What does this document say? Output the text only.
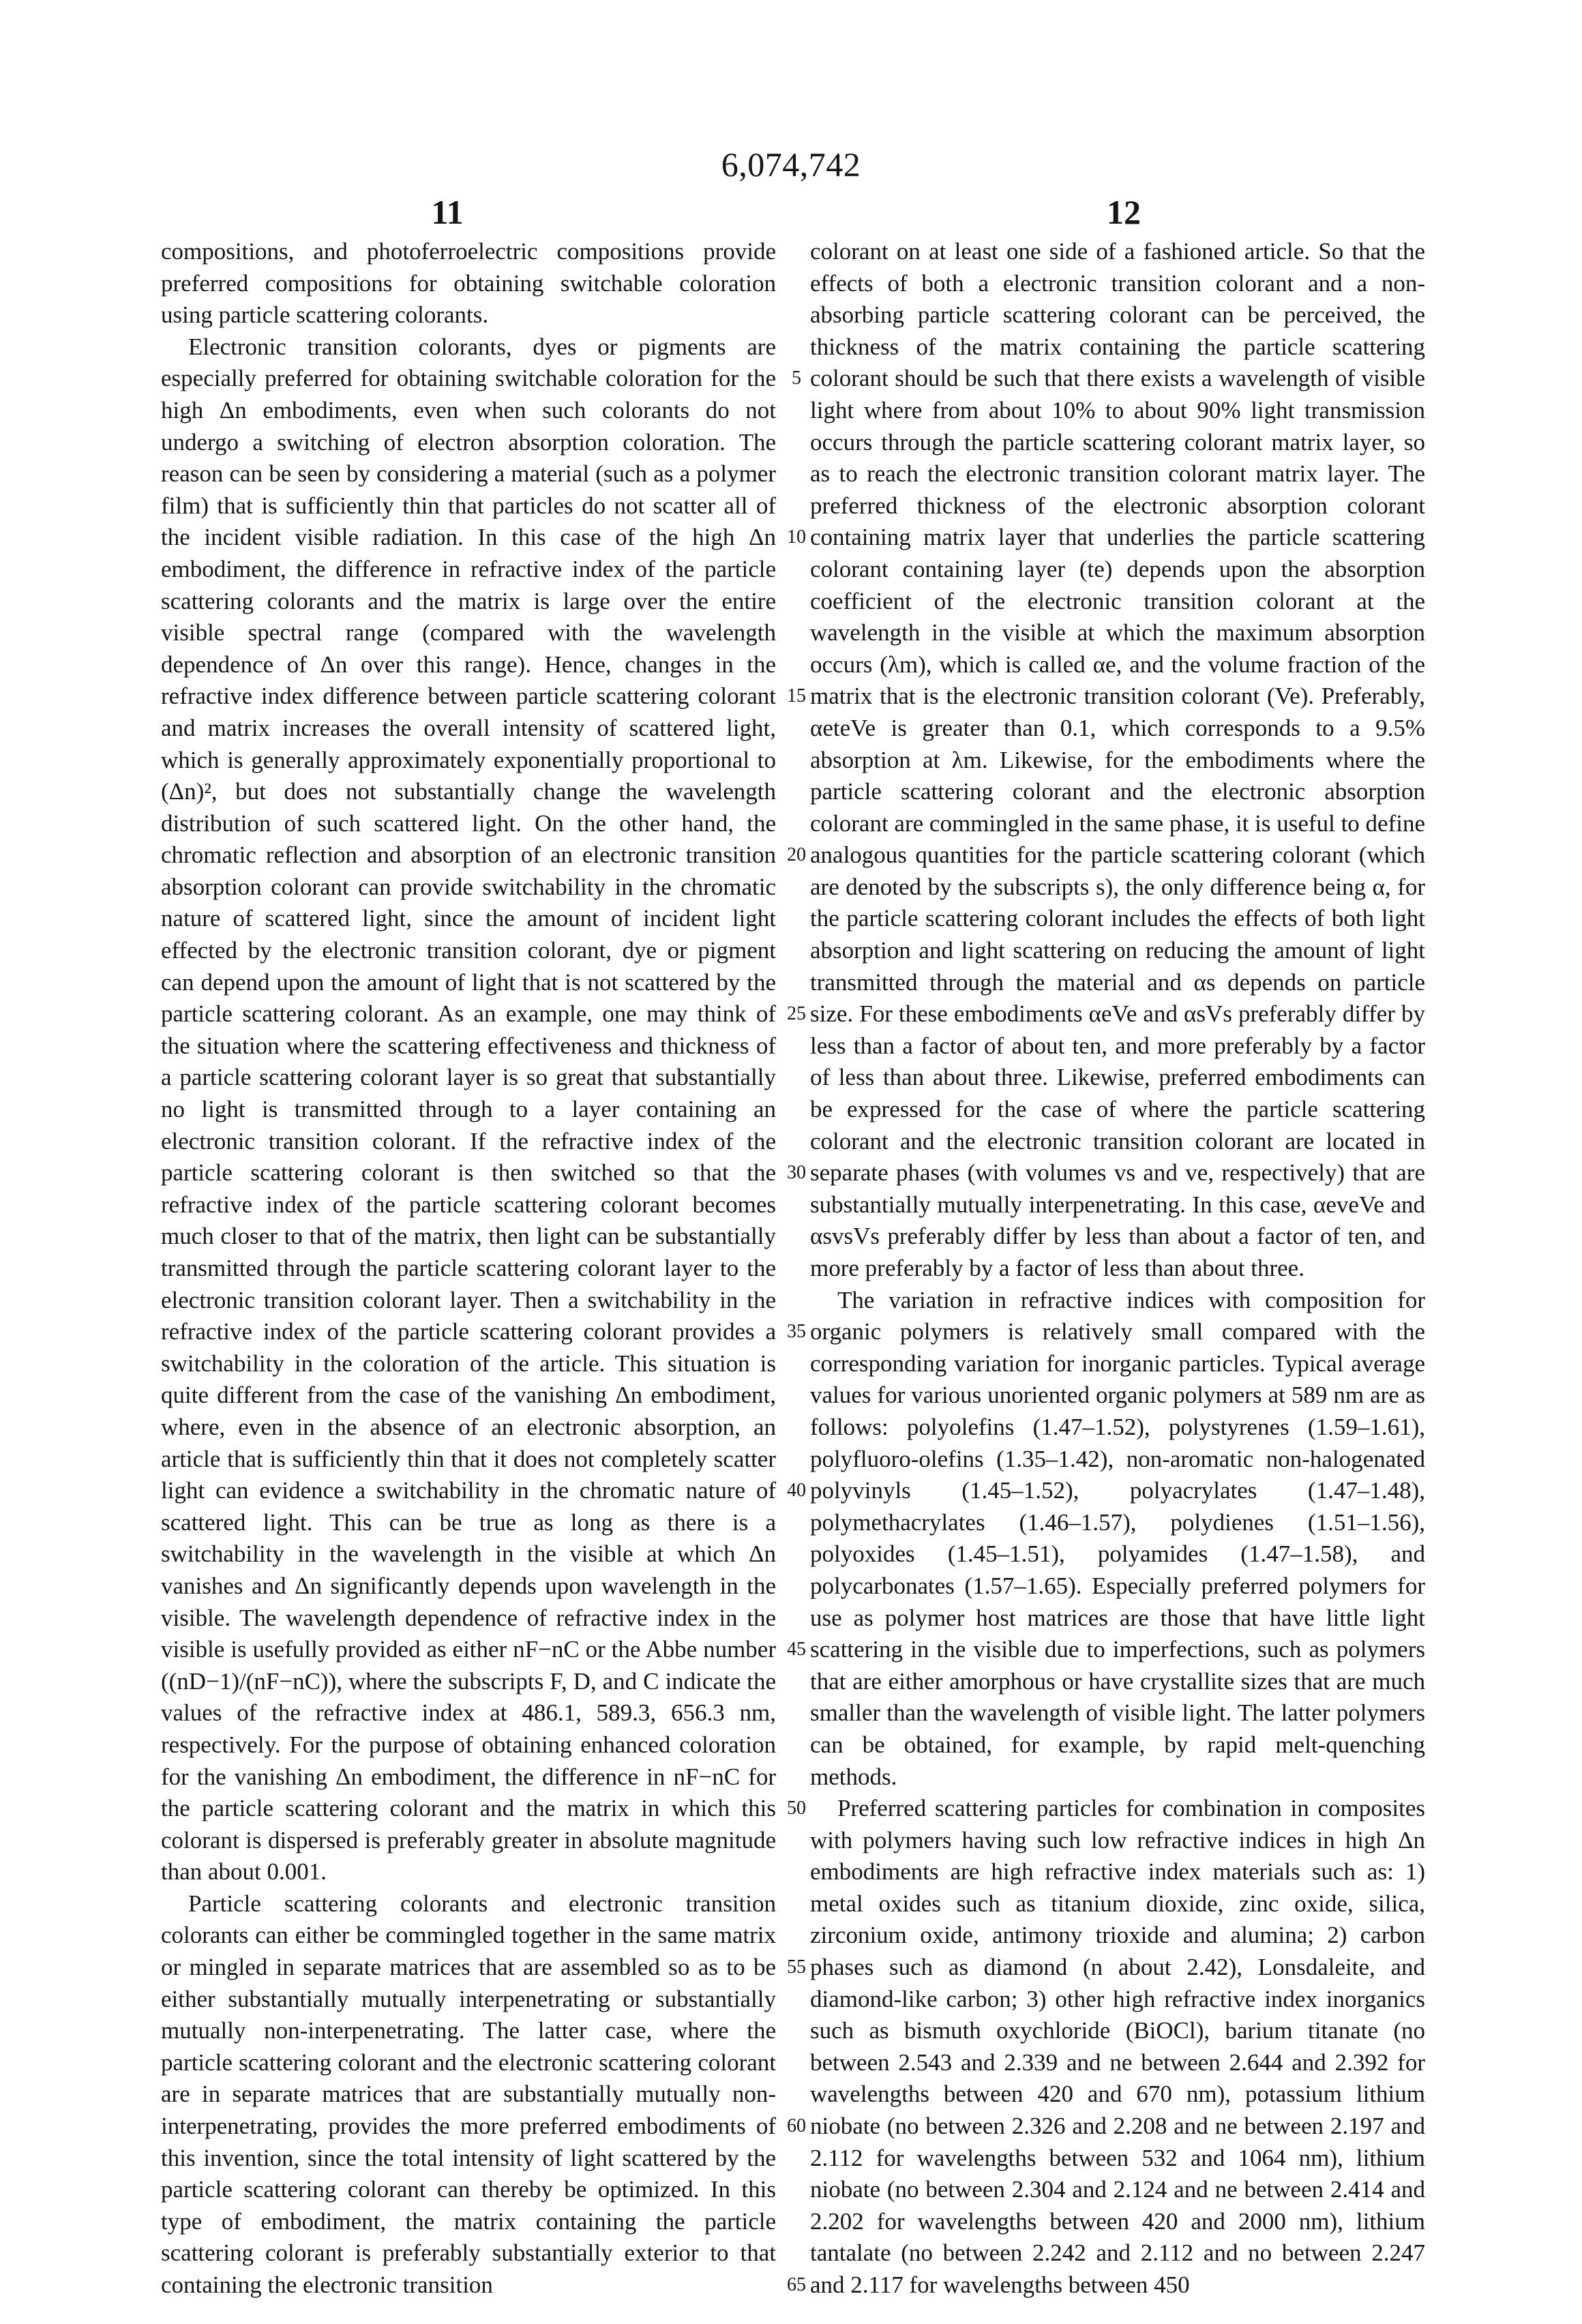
6,074,742
11	12

compositions, and photoferroelectric compositions provide preferred compositions for obtaining switchable coloration using particle scattering colorants.

Electronic transition colorants, dyes or pigments are especially preferred for obtaining switchable coloration for the high Δn embodiments, even when such colorants do not undergo a switching of electron absorption coloration. The reason can be seen by considering a material (such as a polymer film) that is sufficiently thin that particles do not scatter all of the incident visible radiation. In this case of the high Δn embodiment, the difference in refractive index of the particle scattering colorants and the matrix is large over the entire visible spectral range (compared with the wavelength dependence of Δn over this range). Hence, changes in the refractive index difference between particle scattering colorant and matrix increases the overall intensity of scattered light, which is generally approximately exponentially proportional to (Δn)², but does not substantially change the wavelength distribution of such scattered light. On the other hand, the chromatic reflection and absorption of an electronic transition absorption colorant can provide switchability in the chromatic nature of scattered light, since the amount of incident light effected by the electronic transition colorant, dye or pigment can depend upon the amount of light that is not scattered by the particle scattering colorant. As an example, one may think of the situation where the scattering effectiveness and thickness of a particle scattering colorant layer is so great that substantially no light is transmitted through to a layer containing an electronic transition colorant. If the refractive index of the particle scattering colorant is then switched so that the refractive index of the particle scattering colorant becomes much closer to that of the matrix, then light can be substantially transmitted through the particle scattering colorant layer to the electronic transition colorant layer. Then a switchability in the refractive index of the particle scattering colorant provides a switchability in the coloration of the article. This situation is quite different from the case of the vanishing Δn embodiment, where, even in the absence of an electronic absorption, an article that is sufficiently thin that it does not completely scatter light can evidence a switchability in the chromatic nature of scattered light. This can be true as long as there is a switchability in the wavelength in the visible at which Δn vanishes and Δn significantly depends upon wavelength in the visible. The wavelength dependence of refractive index in the visible is usefully provided as either nF−nC or the Abbe number ((nD−1)/(nF−nC)), where the subscripts F, D, and C indicate the values of the refractive index at 486.1, 589.3, 656.3 nm, respectively. For the purpose of obtaining enhanced coloration for the vanishing Δn embodiment, the difference in nF−nC for the particle scattering colorant and the matrix in which this colorant is dispersed is preferably greater in absolute magnitude than about 0.001.

Particle scattering colorants and electronic transition colorants can either be commingled together in the same matrix or mingled in separate matrices that are assembled so as to be either substantially mutually interpenetrating or substantially mutually non-interpenetrating. The latter case, where the particle scattering colorant and the electronic scattering colorant are in separate matrices that are substantially mutually non-interpenetrating, provides the more preferred embodiments of this invention, since the total intensity of light scattered by the particle scattering colorant can thereby be optimized. In this type of embodiment, the matrix containing the particle scattering colorant is preferably substantially exterior to that containing the electronic transition

5
10
15
20
25
30
35
40
45
50
55
60
65

colorant on at least one side of a fashioned article. So that the effects of both a electronic transition colorant and a non-absorbing particle scattering colorant can be perceived, the thickness of the matrix containing the particle scattering colorant should be such that there exists a wavelength of visible light where from about 10% to about 90% light transmission occurs through the particle scattering colorant matrix layer, so as to reach the electronic transition colorant matrix layer. The preferred thickness of the electronic absorption colorant containing matrix layer that underlies the particle scattering colorant containing layer (te) depends upon the absorption coefficient of the electronic transition colorant at the wavelength in the visible at which the maximum absorption occurs (λm), which is called αe, and the volume fraction of the matrix that is the electronic transition colorant (Ve). Preferably, αeteVe is greater than 0.1, which corresponds to a 9.5% absorption at λm. Likewise, for the embodiments where the particle scattering colorant and the electronic absorption colorant are commingled in the same phase, it is useful to define analogous quantities for the particle scattering colorant (which are denoted by the subscripts s), the only difference being α, for the particle scattering colorant includes the effects of both light absorption and light scattering on reducing the amount of light transmitted through the material and αs depends on particle size. For these embodiments αeVe and αsVs preferably differ by less than a factor of about ten, and more preferably by a factor of less than about three. Likewise, preferred embodiments can be expressed for the case of where the particle scattering colorant and the electronic transition colorant are located in separate phases (with volumes vs and ve, respectively) that are substantially mutually interpenetrating. In this case, αeveVe and αsvsVs preferably differ by less than about a factor of ten, and more preferably by a factor of less than about three.

The variation in refractive indices with composition for organic polymers is relatively small compared with the corresponding variation for inorganic particles. Typical average values for various unoriented organic polymers at 589 nm are as follows: polyolefins (1.47–1.52), polystyrenes (1.59–1.61), polyfluoro-olefins (1.35–1.42), non-aromatic non-halogenated polyvinyls (1.45–1.52), polyacrylates (1.47–1.48), polymethacrylates (1.46–1.57), polydienes (1.51–1.56), polyoxides (1.45–1.51), polyamides (1.47–1.58), and polycarbonates (1.57–1.65). Especially preferred polymers for use as polymer host matrices are those that have little light scattering in the visible due to imperfections, such as polymers that are either amorphous or have crystallite sizes that are much smaller than the wavelength of visible light. The latter polymers can be obtained, for example, by rapid melt-quenching methods.

Preferred scattering particles for combination in composites with polymers having such low refractive indices in high Δn embodiments are high refractive index materials such as: 1) metal oxides such as titanium dioxide, zinc oxide, silica, zirconium oxide, antimony trioxide and alumina; 2) carbon phases such as diamond (n about 2.42), Lonsdaleite, and diamond-like carbon; 3) other high refractive index inorganics such as bismuth oxychloride (BiOCl), barium titanate (no between 2.543 and 2.339 and ne between 2.644 and 2.392 for wavelengths between 420 and 670 nm), potassium lithium niobate (no between 2.326 and 2.208 and ne between 2.197 and 2.112 for wavelengths between 532 and 1064 nm), lithium niobate (no between 2.304 and 2.124 and ne between 2.414 and 2.202 for wavelengths between 420 and 2000 nm), lithium tantalate (no between 2.242 and 2.112 and no between 2.247 and 2.117 for wavelengths between 450
